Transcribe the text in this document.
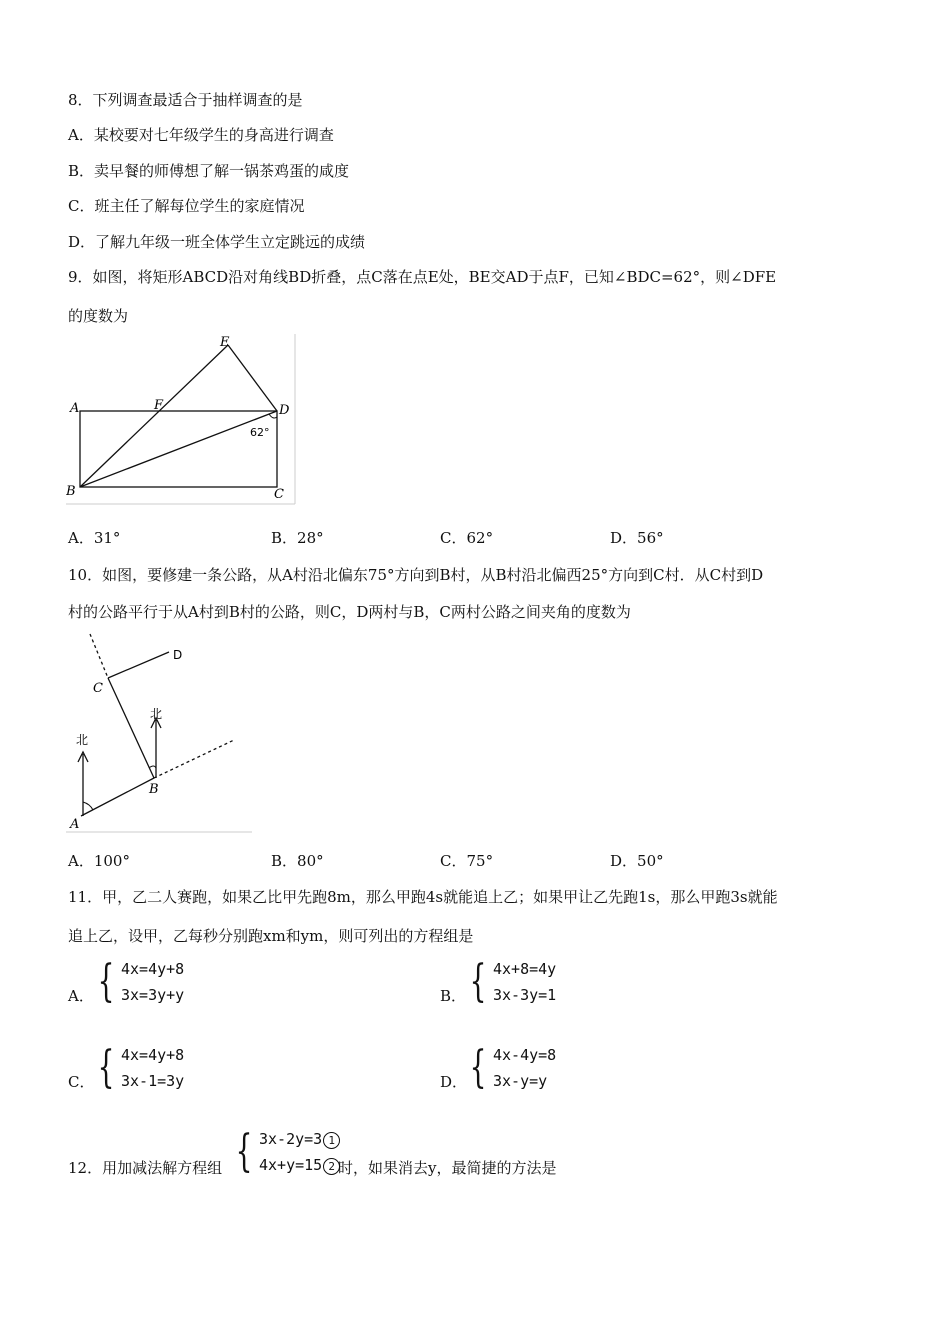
8．下列调查最适合于抽样调查的是
A．某校要对七年级学生的身高进行调查
B．卖早餐的师傅想了解一锅茶鸡蛋的咸度
C．班主任了解每位学生的家庭情况
D．了解九年级一班全体学生立定跳远的成绩
9．如图，将矩形ABCD沿对角线BD折叠，点C落在点E处，BE交AD于点F，已知∠BDC=62°，则∠DFE
的度数为
E
A	F	D
B	C
62°
A．31°	B．28°	C．62°	D．56°
10．如图，要修建一条公路，从A村沿北偏东75°方向到B村，从B村沿北偏西25°方向到C村．从C村到D
村的公路平行于从A村到B村的公路，则C，D两村与B，C两村公路之间夹角的度数为
D
北
北
C
B
A
A．100°	B．80°	C．75°	D．50°
11．甲，乙二人赛跑，如果乙比甲先跑8m，那么甲跑4s就能追上乙；如果甲让乙先跑1s，那么甲跑3s就能
追上乙，设甲，乙每秒分别跑xm和ym，则可列出的方程组是
A． { 4x=4y+8
3x=3y+y	B． { 4x+8=4y
3x-3y=1
C． { 4x=4y+8
3x-1=3y	D． { 4x-4y=8
3x-y=y
12．用加减法解方程组 { 3x-2y=3 1
4x+y=15 2 时，如果消去y，最简捷的方法是
